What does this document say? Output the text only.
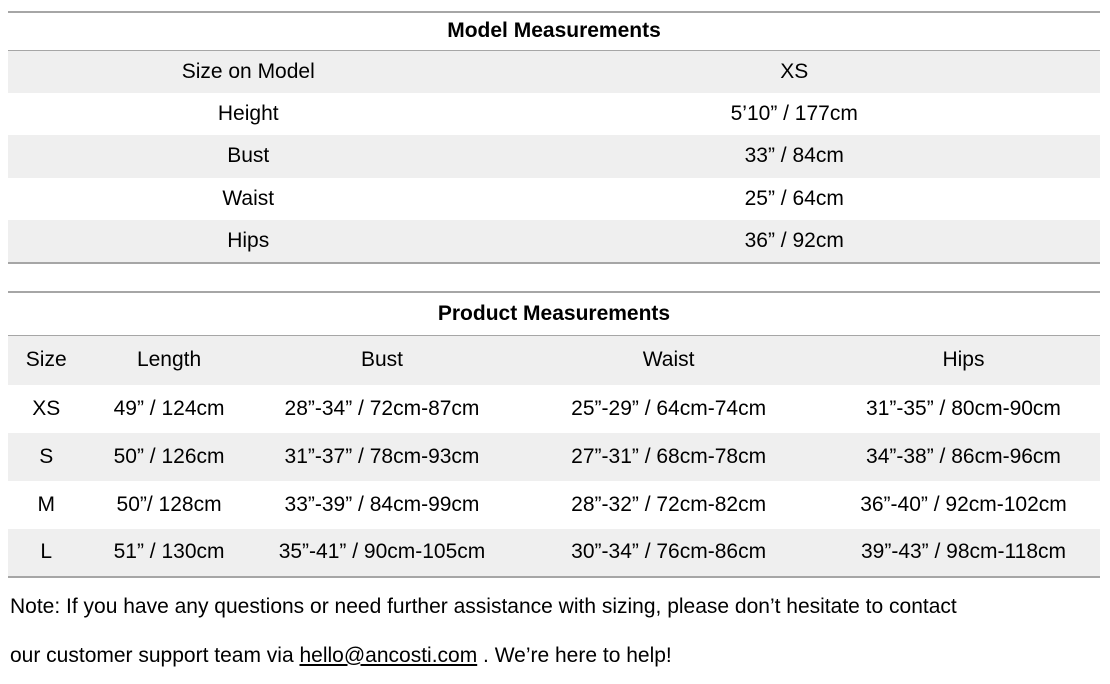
Model Measurements	
Size on Model	XS
Height	5’10” / 177cm
Bust	33” / 84cm
Waist	25” / 64cm
Hips	36” / 92cm
Product Measurements				
Size	Length	Bust	Waist	Hips
XS	49” / 124cm	28”-34” / 72cm-87cm	25”-29” / 64cm-74cm	31”-35” / 80cm-90cm
S	50” / 126cm	31”-37” / 78cm-93cm	27”-31” / 68cm-78cm	34”-38” / 86cm-96cm
M	50”/ 128cm	33”-39” / 84cm-99cm	28”-32” / 72cm-82cm	36”-40” / 92cm-102cm
L	51” / 130cm	35”-41” / 90cm-105cm	30”-34” / 76cm-86cm	39”-43” / 98cm-118cm

Note: If you have any questions or need further assistance with sizing, please don’t hesitate to contact
our customer support team via hello@ancosti.com . We’re here to help!
